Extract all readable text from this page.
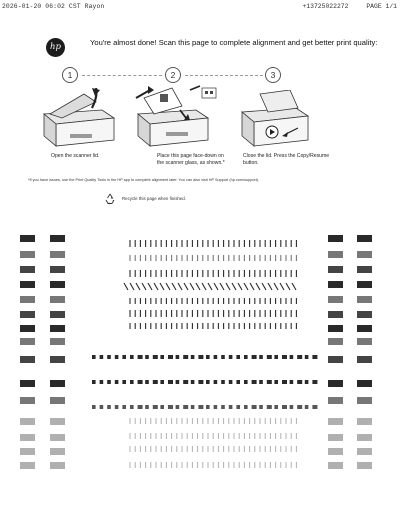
2026-01-20 06:02 CST Rayon	+13725022272	PAGE 1/1
hp	You're almost done! Scan this page to complete alignment and get better print quality:
1	2	3
Open the scanner lid.	Place this page face-down on the scanner glass, as shown.*
Close the lid. Press the Copy/Resume button.
*If you have issues, use the Print Quality Tools in the HP app to complete alignment later. You can also visit HP Support (hp.com/support).
Recycle this page when finished.
